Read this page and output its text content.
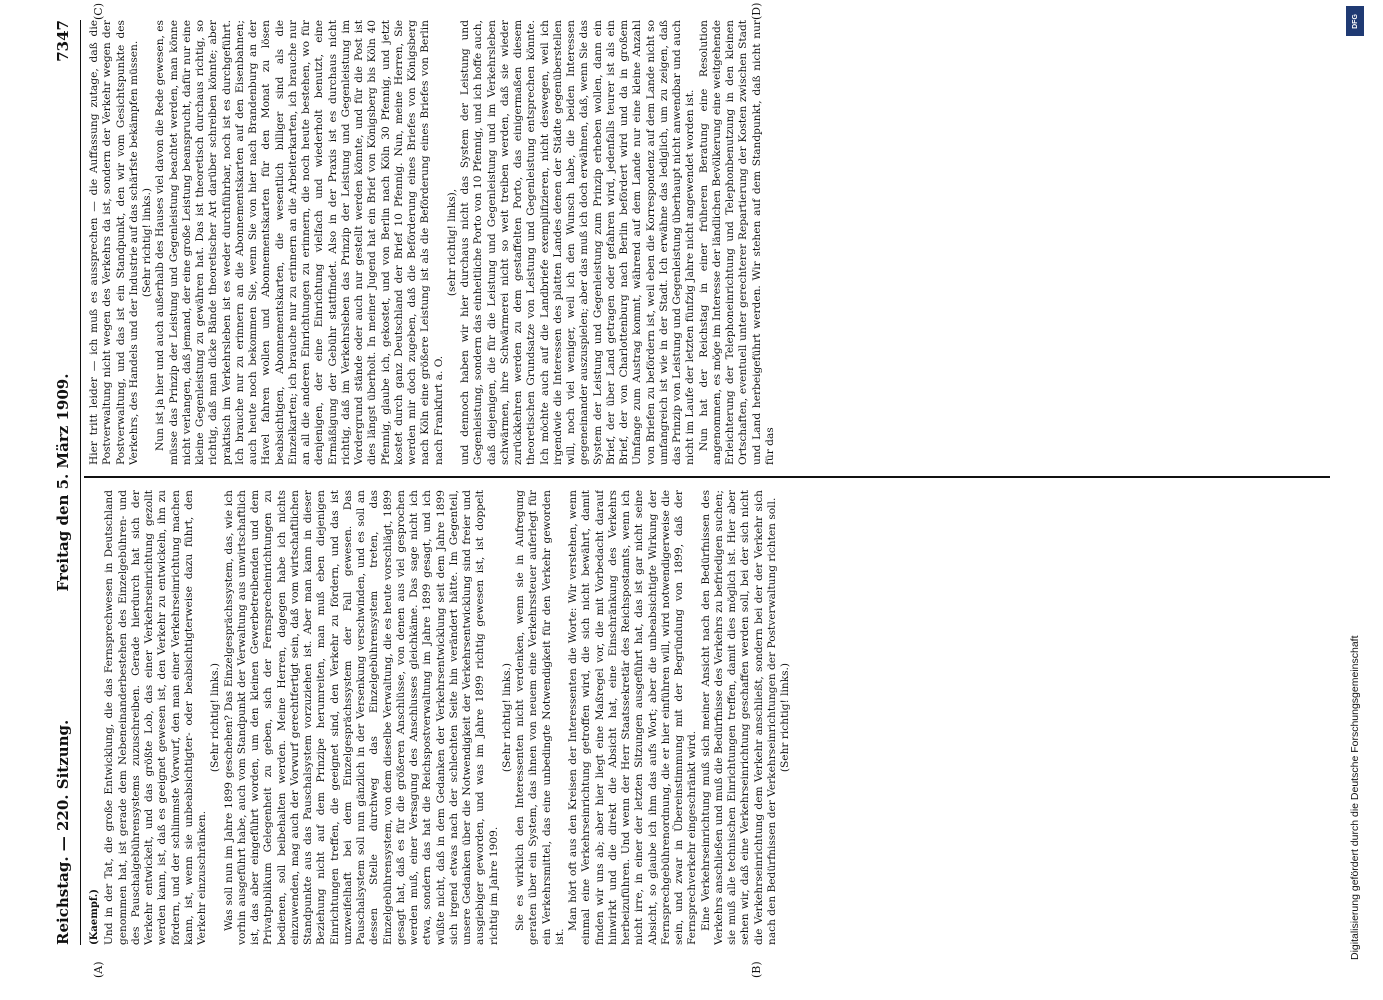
Reichstag. — 220. Sitzung.
Freitag den 5. März 1909.
7347
(A)	(B)
(C)	(D)

(Kaempf.) Und in der Tat, die große Entwicklung, die das Fernsprechwesen in Deutschland genommen hat, ist gerade dem Nebeneinanderbestehen des Einzelgebühren- und des Pauschalgebührensystems zuzuschreiben. Gerade hierdurch hat sich der Verkehr entwickelt, und das größte Lob, das einer Verkehrseinrichtung gezollt werden kann, ist, daß es geeignet gewesen ist, den Verkehr zu entwickeln, ihn zu fördern, und der schlimmste Vorwurf, den man einer Verkehrseinrichtung machen kann, ist, wenn sie unbeabsichtigter- oder beabsichtigterweise dazu führt, den Verkehr einzuschränken.

(Sehr richtig! links.) Was soll nun im Jahre 1899 geschehen? Das Einzelgesprächssystem, das, wie ich vorhin ausgeführt habe, auch vom Standpunkt der Verwaltung aus unwirtschaftlich ist, das aber eingeführt worden, um den kleinen Gewerbetreibenden und dem Privatpublikum Gelegenheit zu geben, sich der Fernsprecheinrichtungen zu bedienen, soll beibehalten werden. Meine Herren, dagegen habe ich nichts einzuwenden, mag auch der Vorwurf gerechtfertigt sein, daß vom wirtschaftlichen Standpunkte aus das Pauschalsystem vorzuziehen ist. Aber man kann in dieser Beziehung nicht auf dem Prinzipe herumreiten, man muß eben diejenigen Einrichtungen treffen, die geeignet sind, den Verkehr zu fördern, und das ist unzweifelhaft bei dem Einzelgesprächssystem der Fall gewesen. Das Pauschalsystem soll nun gänzlich in der Versenkung verschwinden, und es soll an dessen Stelle durchweg das Einzelgebührensystem treten, das Einzelgebührensystem, von dem dieselbe Verwaltung, die es heute vorschlägt, 1899 gesagt hat, daß es für die größeren Anschlüsse, von denen aus viel gesprochen werden muß, einer Versagung des Anschlusses gleichkäme. Das sage nicht ich etwa, sondern das hat die Reichspostverwaltung im Jahre 1899 gesagt, und ich wüßte nicht, daß in dem Gedanken der Verkehrsentwicklung seit dem Jahre 1899 sich irgend etwas nach der schlechten Seite hin verändert hätte. Im Gegenteil, unsere Gedanken über die Notwendigkeit der Verkehrsentwicklung sind freier und ausgiebiger geworden, und was im Jahre 1899 richtig gewesen ist, ist doppelt richtig im Jahre 1909.

(Sehr richtig! links.) Sie es wirklich den Interessenten nicht verdenken, wenn sie in Aufregung geraten über ein System, das ihnen von neuem eine Verkehrssteuer auferlegt für ein Verkehrsmittel, das eine unbedingte Notwendigkeit für den Verkehr geworden ist.

Man hört oft aus den Kreisen der Interessenten die Worte: Wir verstehen, wenn einmal eine Verkehrseinrichtung getroffen wird, die sich nicht bewährt, damit finden wir uns ab; aber hier liegt eine Maßregel vor, die mit Vorbedacht darauf hinwirkt und die direkt die Absicht hat, eine Einschränkung des Verkehrs herbeizuführen. Und wenn der Herr Staatssekretär des Reichspostamts, wenn ich nicht irre, in einer der letzten Sitzungen ausgeführt hat, das ist gar nicht seine Absicht, so glaube ich ihm das aufs Wort; aber die unbeabsichtigte Wirkung der Fernsprechgebührenordnung, die er hier einführen will, wird notwendigerweise die sein, und zwar in Übereinstimmung mit der Begründung von 1899, daß der Fernsprechverkehr eingeschränkt wird. Eine Verkehrseinrichtung muß sich meiner Ansicht nach den Bedürfnissen des Verkehrs anschließen und muß die Bedürfnisse des Verkehrs zu befriedigen suchen; sie muß alle technischen Einrichtungen treffen, damit dies möglich ist. Hier aber sehen wir, daß eine Verkehrseinrichtung geschaffen werden soll, bei der sich nicht die Verkehrseinrichtung dem Verkehr anschließt, sondern bei der der Verkehr sich nach den Bedürfnissen der Verkehrseinrichtungen der Postverwaltung richten soll. (Sehr richtig! links.)

Hier tritt leider — ich muß es aussprechen — die Auffassung zutage, daß die Postverwaltung nicht wegen des Verkehrs da ist, sondern der Verkehr wegen der Postverwaltung, und das ist ein Standpunkt, den wir vom Gesichtspunkte des Verkehrs, des Handels und der Industrie auf das schärfste bekämpfen müssen. (Sehr richtig! links.) Nun ist ja hier und auch außerhalb des Hauses viel davon die Rede gewesen, es müsse das Prinzip der Leistung und Gegenleistung beachtet werden, man könne nicht verlangen, daß jemand, der eine große Leistung beansprucht, dafür nur eine kleine Gegenleistung zu gewähren hat. Das ist theoretisch durchaus richtig, so richtig, daß man dicke Bände theoretischer Art darüber schreiben könnte; aber praktisch im Verkehrsleben ist es weder durchführbar, noch ist es durchgeführt. Ich brauche nur zu erinnern an die Abonnementskarten auf den Eisenbahnen; auch heute noch bekommen Sie, wenn Sie von hier nach Brandenburg an der Havel fahren wollen und Abonnementskarten für den Monat zu lösen beabsichtigen, Abonnementskarten, die wesentlich billiger sind als die Einzelkarten; ich brauche nur zu erinnern an die Arbeiterkarten, ich brauche nur an all die anderen Einrichtungen zu erinnern, die noch heute bestehen, wo für denjenigen, der eine Einrichtung vielfach und wiederholt benutzt, eine Ermäßigung der Gebühr stattfindet. Also in der Praxis ist es durchaus nicht richtig, daß im Verkehrsleben das Prinzip der Leistung und Gegenleistung im Vordergrund stände oder auch nur gestellt werden könnte, und für die Post ist dies längst überholt. In meiner Jugend hat ein Brief von Königsberg bis Köln 40 Pfennig, glaube ich, gekostet, und von Berlin nach Köln 30 Pfennig, und jetzt kostet durch ganz Deutschland der Brief 10 Pfennig. Nun, meine Herren, Sie werden mir doch zugeben, daß die Beförderung eines Briefes von Königsberg nach Köln eine größere Leistung ist als die Beförderung eines Briefes von Berlin nach Frankfurt a. O.

(sehr richtig! links), und dennoch haben wir hier durchaus nicht das System der Leistung und Gegenleistung, sondern das einheitliche Porto von 10 Pfennig, und ich hoffe auch, daß diejenigen, die für die Leistung und Gegenleistung und im Verkehrsleben schwärmen, ihre Schwärmerei nicht so weit treiben werden, daß sie wieder zurückkehren werden zu dem gestaffelten Porto, das einigermaßen diesem theoretischen Grundsatze von Leistung und Gegenleistung entsprechen könnte. Ich möchte auch auf die Landbriefe exemplifizieren, nicht deswegen, weil ich irgendwie die Interessen des platten Landes denen der Städte gegenüberstellen will, noch viel weniger, weil ich den Wunsch habe, die beiden Interessen gegeneinander auszuspielen; aber das muß ich doch erwähnen, daß, wenn Sie das System der Leistung und Gegenleistung zum Prinzip erheben wollen, dann ein Brief, der über Land getragen oder gefahren wird, jedenfalls teurer ist als ein Brief, der von Charlottenburg nach Berlin befördert wird und da in großem Umfange zum Austrag kommt, während auf dem Lande nur eine kleine Anzahl von Briefen zu befördern ist, weil eben die Korrespondenz auf dem Lande nicht so umfangreich ist wie in der Stadt. Ich erwähne das lediglich, um zu zeigen, daß das Prinzip von Leistung und Gegenleistung überhaupt nicht anwendbar und auch nicht im Laufe der letzten fünfzig Jahre nicht angewendet worden ist. Nun hat der Reichstag in einer früheren Beratung eine Resolution angenommen, es möge im Interesse der ländlichen Bevölkerung eine weitgehende Erleichterung der Telephoneinrichtung und Telephonbenutzung in den kleinen Ortschaften, eventuell unter gerechterer Repartierung der Kosten zwischen Stadt und Land herbeigeführt werden. Wir stehen auf dem Standpunkt, daß nicht nur für das

DFG
Digitalisierung gefördert durch die Deutsche Forschungsgemeinschaft
